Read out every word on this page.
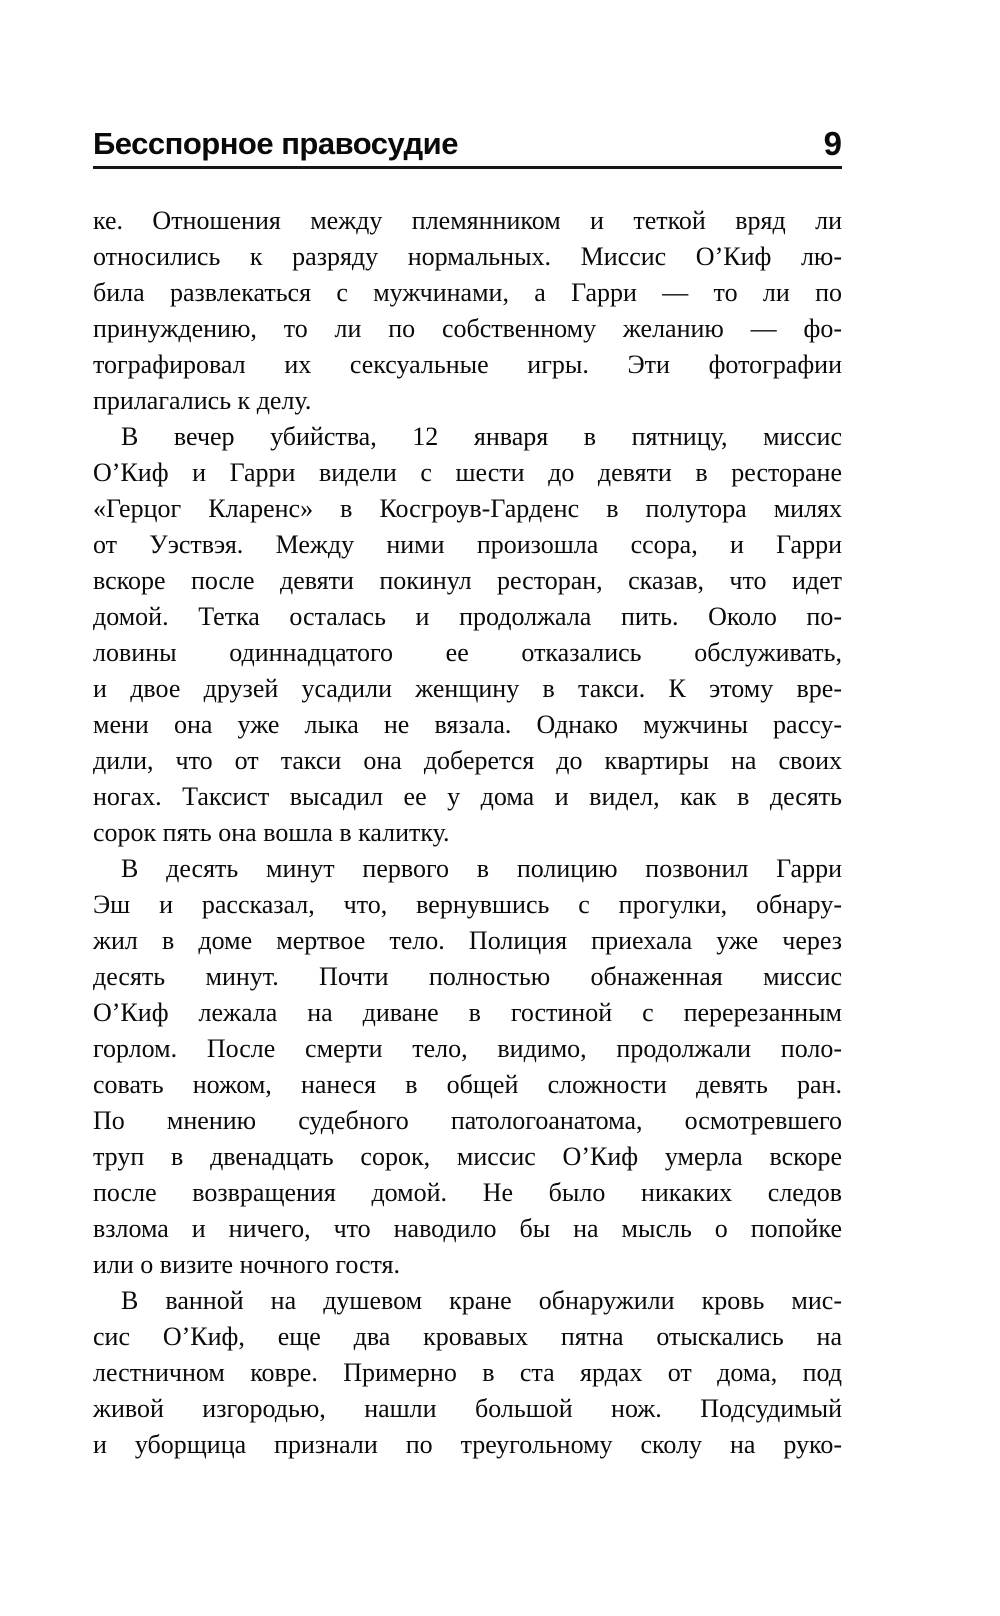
Бесспорное правосудие	9
ке. Отношения между племянником и теткой вряд ли
относились к разряду нормальных. Миссис О’Киф лю-
била развлекаться с мужчинами, а Гарри — то ли по
принуждению, то ли по собственному желанию — фо-
тографировал их сексуальные игры. Эти фотографии
прилагались к делу.
В вечер убийства, 12 января в пятницу, миссис
О’Киф и Гарри видели с шести до девяти в ресторане
«Герцог Кларенс» в Косгроув-Гарденс в полутора милях
от Уэствэя. Между ними произошла ссора, и Гарри
вскоре после девяти покинул ресторан, сказав, что идет
домой. Тетка осталась и продолжала пить. Около по-
ловины одиннадцатого ее отказались обслуживать,
и двое друзей усадили женщину в такси. К этому вре-
мени она уже лыка не вязала. Однако мужчины рассу-
дили, что от такси она доберется до квартиры на своих
ногах. Таксист высадил ее у дома и видел, как в десять
сорок пять она вошла в калитку.
В десять минут первого в полицию позвонил Гарри
Эш и рассказал, что, вернувшись с прогулки, обнару-
жил в доме мертвое тело. Полиция приехала уже через
десять минут. Почти полностью обнаженная миссис
О’Киф лежала на диване в гостиной с перерезанным
горлом. После смерти тело, видимо, продолжали поло-
совать ножом, нанеся в общей сложности девять ран.
По мнению судебного патологоанатома, осмотревшего
труп в двенадцать сорок, миссис О’Киф умерла вскоре
после возвращения домой. Не было никаких следов
взлома и ничего, что наводило бы на мысль о попойке
или о визите ночного гостя.
В ванной на душевом кране обнаружили кровь мис-
сис О’Киф, еще два кровавых пятна отыскались на
лестничном ковре. Примерно в ста ярдах от дома, под
живой изгородью, нашли большой нож. Подсудимый
и уборщица признали по треугольному сколу на руко-
